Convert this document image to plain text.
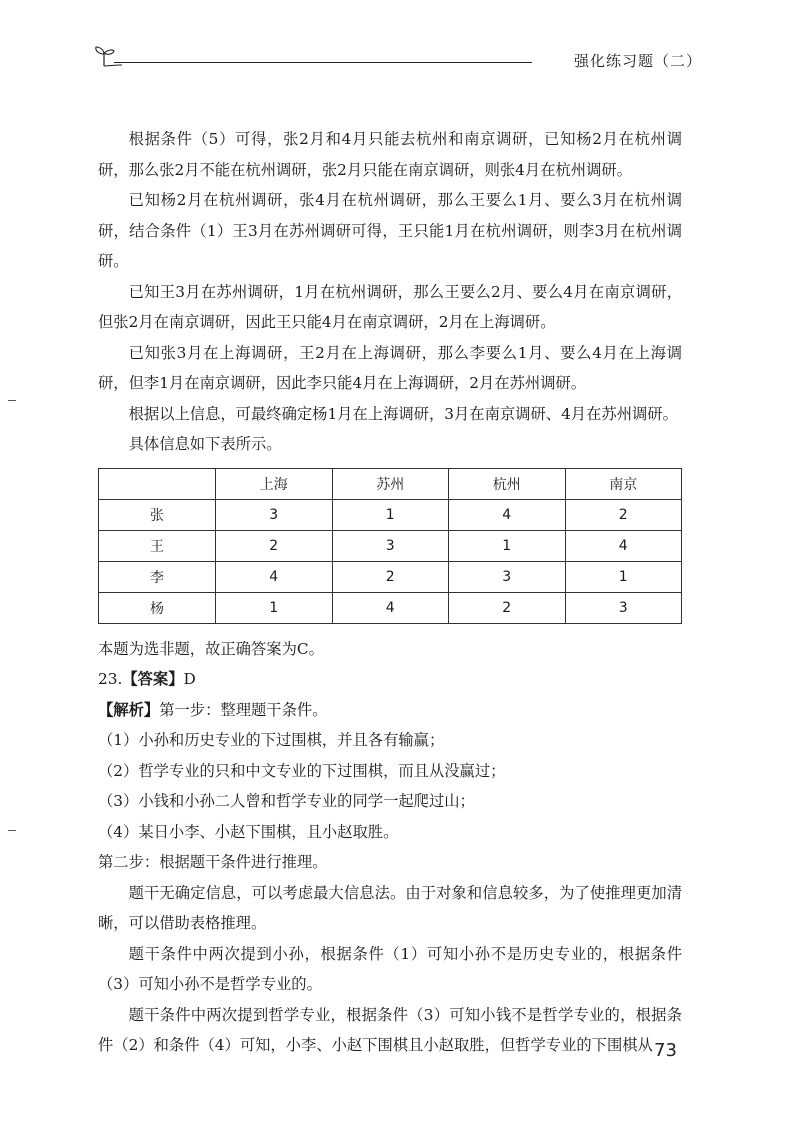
强化练习题（二）

根据条件（5）可得，张2月和4月只能去杭州和南京调研，已知杨2月在杭州调研，那么张2月不能在杭州调研，张2月只能在南京调研，则张4月在杭州调研。

已知杨2月在杭州调研，张4月在杭州调研，那么王要么1月、要么3月在杭州调研，结合条件（1）王3月在苏州调研可得，王只能1月在杭州调研，则李3月在杭州调研。

已知王3月在苏州调研，1月在杭州调研，那么王要么2月、要么4月在南京调研，但张2月在南京调研，因此王只能4月在南京调研，2月在上海调研。

已知张3月在上海调研，王2月在上海调研，那么李要么1月、要么4月在上海调研，但李1月在南京调研，因此李只能4月在上海调研，2月在苏州调研。

根据以上信息，可最终确定杨1月在上海调研，3月在南京调研、4月在苏州调研。

具体信息如下表所示。

	上海	苏州	杭州	南京
张	3	1	4	2
王	2	3	1	4
李	4	2	3	1
杨	1	4	2	3

本题为选非题，故正确答案为C。

23.【答案】D

【解析】第一步：整理题干条件。

（1）小孙和历史专业的下过围棋，并且各有输赢；

（2）哲学专业的只和中文专业的下过围棋，而且从没赢过；

（3）小钱和小孙二人曾和哲学专业的同学一起爬过山；

（4）某日小李、小赵下围棋，且小赵取胜。

第二步：根据题干条件进行推理。

题干无确定信息，可以考虑最大信息法。由于对象和信息较多，为了使推理更加清晰，可以借助表格推理。

题干条件中两次提到小孙，根据条件（1）可知小孙不是历史专业的，根据条件（3）可知小孙不是哲学专业的。

题干条件中两次提到哲学专业，根据条件（3）可知小钱不是哲学专业的，根据条件（2）和条件（4）可知，小李、小赵下围棋且小赵取胜，但哲学专业的下围棋从 73
